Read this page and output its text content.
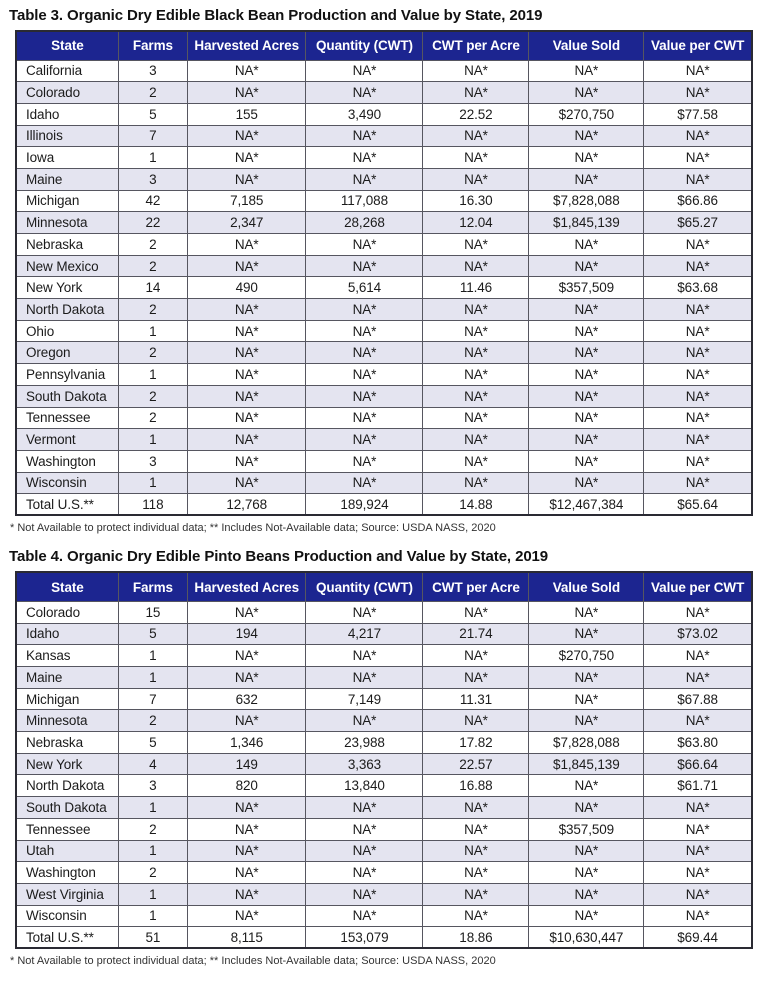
Table 3. Organic Dry Edible Black Bean Production and Value by State, 2019
State	Farms	Harvested Acres	Quantity (CWT)	CWT per Acre	Value Sold	Value per CWT
California	3	NA*	NA*	NA*	NA*	NA*
Colorado	2	NA*	NA*	NA*	NA*	NA*
Idaho	5	155	3,490	22.52	$270,750	$77.58
Illinois	7	NA*	NA*	NA*	NA*	NA*
Iowa	1	NA*	NA*	NA*	NA*	NA*
Maine	3	NA*	NA*	NA*	NA*	NA*
Michigan	42	7,185	117,088	16.30	$7,828,088	$66.86
Minnesota	22	2,347	28,268	12.04	$1,845,139	$65.27
Nebraska	2	NA*	NA*	NA*	NA*	NA*
New Mexico	2	NA*	NA*	NA*	NA*	NA*
New York	14	490	5,614	11.46	$357,509	$63.68
North Dakota	2	NA*	NA*	NA*	NA*	NA*
Ohio	1	NA*	NA*	NA*	NA*	NA*
Oregon	2	NA*	NA*	NA*	NA*	NA*
Pennsylvania	1	NA*	NA*	NA*	NA*	NA*
South Dakota	2	NA*	NA*	NA*	NA*	NA*
Tennessee	2	NA*	NA*	NA*	NA*	NA*
Vermont	1	NA*	NA*	NA*	NA*	NA*
Washington	3	NA*	NA*	NA*	NA*	NA*
Wisconsin	1	NA*	NA*	NA*	NA*	NA*
Total U.S.**	118	12,768	189,924	14.88	$12,467,384	$65.64

* Not Available to protect individual data; ** Includes Not-Available data; Source: USDA NASS, 2020

Table 4. Organic Dry Edible Pinto Beans Production and Value by State, 2019
State	Farms	Harvested Acres	Quantity (CWT)	CWT per Acre	Value Sold	Value per CWT
Colorado	15	NA*	NA*	NA*	NA*	NA*
Idaho	5	194	4,217	21.74	NA*	$73.02
Kansas	1	NA*	NA*	NA*	$270,750	NA*
Maine	1	NA*	NA*	NA*	NA*	NA*
Michigan	7	632	7,149	11.31	NA*	$67.88
Minnesota	2	NA*	NA*	NA*	NA*	NA*
Nebraska	5	1,346	23,988	17.82	$7,828,088	$63.80
New York	4	149	3,363	22.57	$1,845,139	$66.64
North Dakota	3	820	13,840	16.88	NA*	$61.71
South Dakota	1	NA*	NA*	NA*	NA*	NA*
Tennessee	2	NA*	NA*	NA*	$357,509	NA*
Utah	1	NA*	NA*	NA*	NA*	NA*
Washington	2	NA*	NA*	NA*	NA*	NA*
West Virginia	1	NA*	NA*	NA*	NA*	NA*
Wisconsin	1	NA*	NA*	NA*	NA*	NA*
Total U.S.**	51	8,115	153,079	18.86	$10,630,447	$69.44

* Not Available to protect individual data; ** Includes Not-Available data; Source: USDA NASS, 2020
